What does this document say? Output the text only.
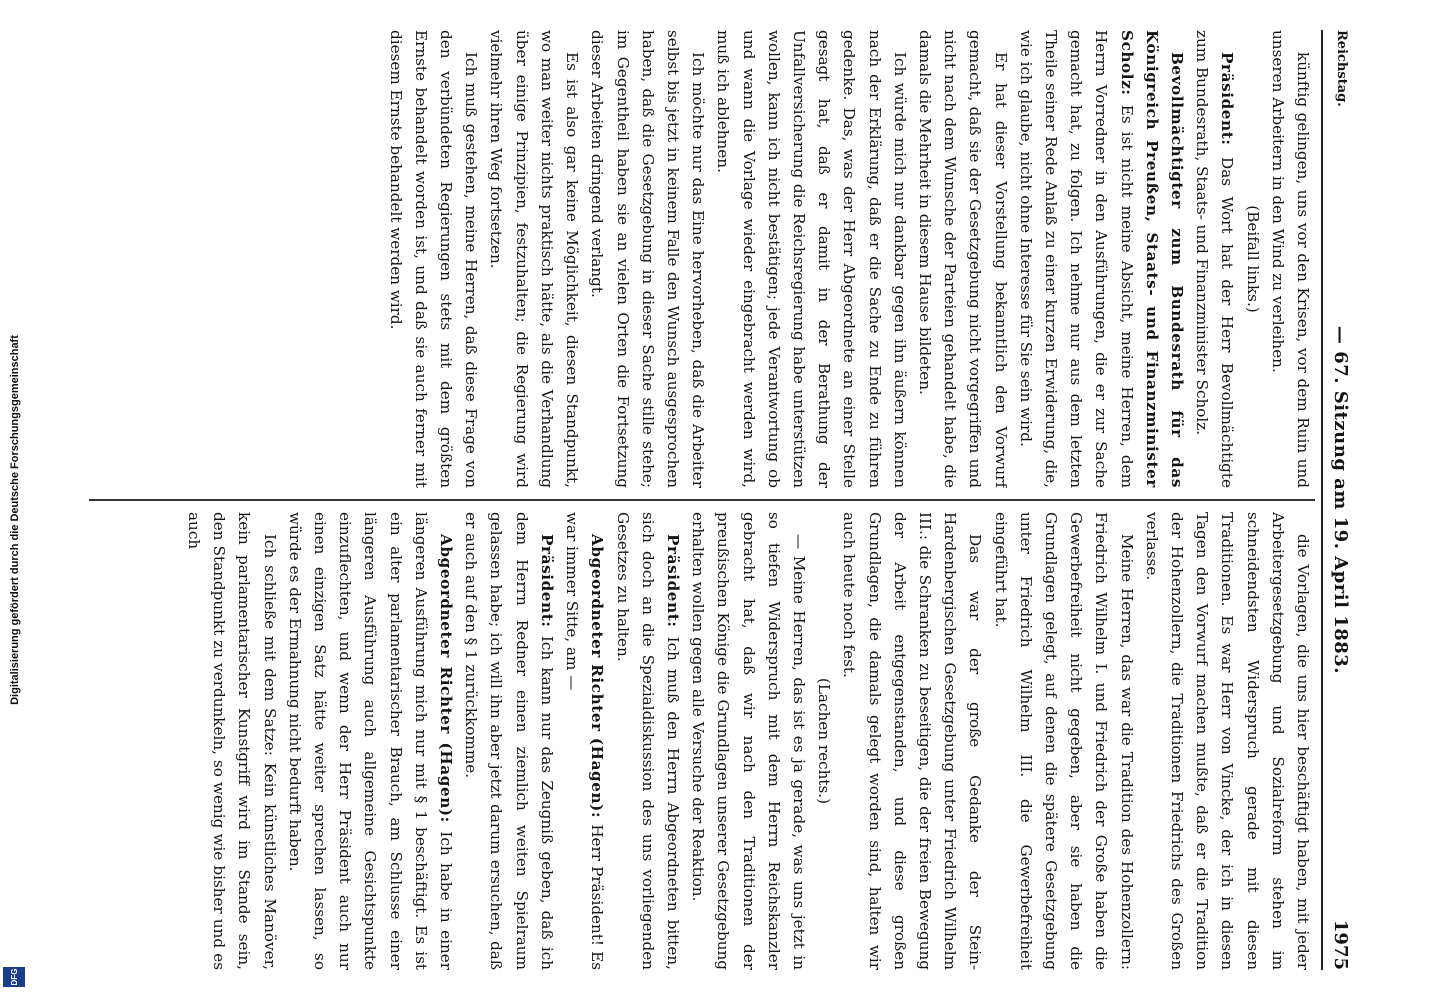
Digitalisierung gefördert durch die Deutsche Forschungsgemeinschaft
DFG
Reichstag.
— 67. Sitzung am 19. April 1883.
1975

künftig gelingen, uns vor den Krisen, vor dem Ruin und unseren Arbeitern in den Wind zu verleihen.

(Beifall links.)

Präsident: Das Wort hat der Herr Bevollmächtigte zum Bundesrath, Staats- und Finanzminister Scholz.

Bevollmächtigter zum Bundesrath für das Königreich Preußen, Staats- und Finanzminister Scholz: Es ist nicht meine Absicht, meine Herren, dem Herrn Vorredner in den Ausführungen, die er zur Sache gemacht hat, zu folgen. Ich nehme nur aus dem letzten Theile seiner Rede Anlaß zu einer kurzen Erwiderung, die, wie ich glaube, nicht ohne Interesse für Sie sein wird.

Er hat dieser Vorstellung bekanntlich den Vorwurf gemacht, daß sie der Gesetzgebung nicht vorgegriffen und nicht nach dem Wunsche der Parteien gehandelt habe, die damals die Mehrheit in diesem Hause bildeten.

Ich würde mich nur dankbar gegen ihn äußern können nach der Erklärung, daß er die Sache zu Ende zu führen gedenke. Das, was der Herr Abgeordnete an einer Stelle gesagt hat, daß er damit in der Berathung der Unfallversicherung die Reichsregierung habe unterstützen wollen, kann ich nicht bestätigen; jede Verantwortung ob und wann die Vorlage wieder eingebracht werden wird, muß ich ablehnen.

Ich möchte nur das Eine hervorheben, daß die Arbeiter selbst bis jetzt in keinem Falle den Wunsch ausgesprochen haben, daß die Gesetzgebung in dieser Sache stille stehe; im Gegentheil haben sie an vielen Orten die Fortsetzung dieser Arbeiten dringend verlangt.

Es ist also gar keine Möglichkeit, diesen Standpunkt, wo man weiter nichts praktisch hätte, als die Verhandlung über einige Prinzipien, festzuhalten; die Regierung wird vielmehr ihren Weg fortsetzen.

Ich muß gestehen, meine Herren, daß diese Frage von den verbündeten Regierungen stets mit dem größten Ernste behandelt worden ist, und daß sie auch ferner mit diesem Ernste behandelt werden wird.

die Vorlagen, die uns hier beschäftigt haben, mit jeder Arbeitergesetzgebung und Sozialreform stehen im schneidendsten Widerspruch gerade mit diesen Traditionen. Es war Herr von Vincke, der ich in diesen Tagen den Vorwurf machen mußte, daß er die Tradition der Hohenzollern, die Traditionen Friedrichs des Großen verlasse.

Meine Herren, das war die Tradition des Hohenzollern: Friedrich Wilhelm I. und Friedrich der Große haben die Gewerbefreiheit nicht gegeben, aber sie haben die Grundlagen gelegt, auf denen die spätere Gesetzgebung unter Friedrich Wilhelm III. die Gewerbefreiheit eingeführt hat.

Das war der große Gedanke der Stein-Hardenbergischen Gesetzgebung unter Friedrich Wilhelm III.: die Schranken zu beseitigen, die der freien Bewegung der Arbeit entgegenstanden, und diese großen Grundlagen, die damals gelegt worden sind, halten wir auch heute noch fest.

(Lachen rechts.)

— Meine Herren, das ist es ja gerade, was uns jetzt in so tiefen Widerspruch mit dem Herrn Reichskanzler gebracht hat, daß wir nach den Traditionen der preußischen Könige die Grundlagen unserer Gesetzgebung erhalten wollen gegen alle Versuche der Reaktion.

Präsident: Ich muß den Herrn Abgeordneten bitten, sich doch an die Spezialdiskussion des uns vorliegenden Gesetzes zu halten.

Abgeordneter Richter (Hagen): Herr Präsident! Es war immer Sitte, am —

Präsident: Ich kann nur das Zeugniß geben, daß ich dem Herrn Redner einen ziemlich weiten Spielraum gelassen habe; ich will ihn aber jetzt darum ersuchen, daß er auch auf den § 1 zurückkomme.

Abgeordneter Richter (Hagen): Ich habe in einer längeren Ausführung mich nur mit § 1 beschäftigt. Es ist ein alter parlamentarischer Brauch, am Schlusse einer längeren Ausführung auch allgemeine Gesichtspunkte einzuflechten, und wenn der Herr Präsident auch nur einen einzigen Satz hätte weiter sprechen lassen, so würde es der Ermahnung nicht bedurft haben.

Ich schließe mit dem Satze: Kein künstliches Manöver, kein parlamentarischer Kunstgriff wird im Stande sein, den Standpunkt zu verdunkeln, so wenig wie bisher und es auch
